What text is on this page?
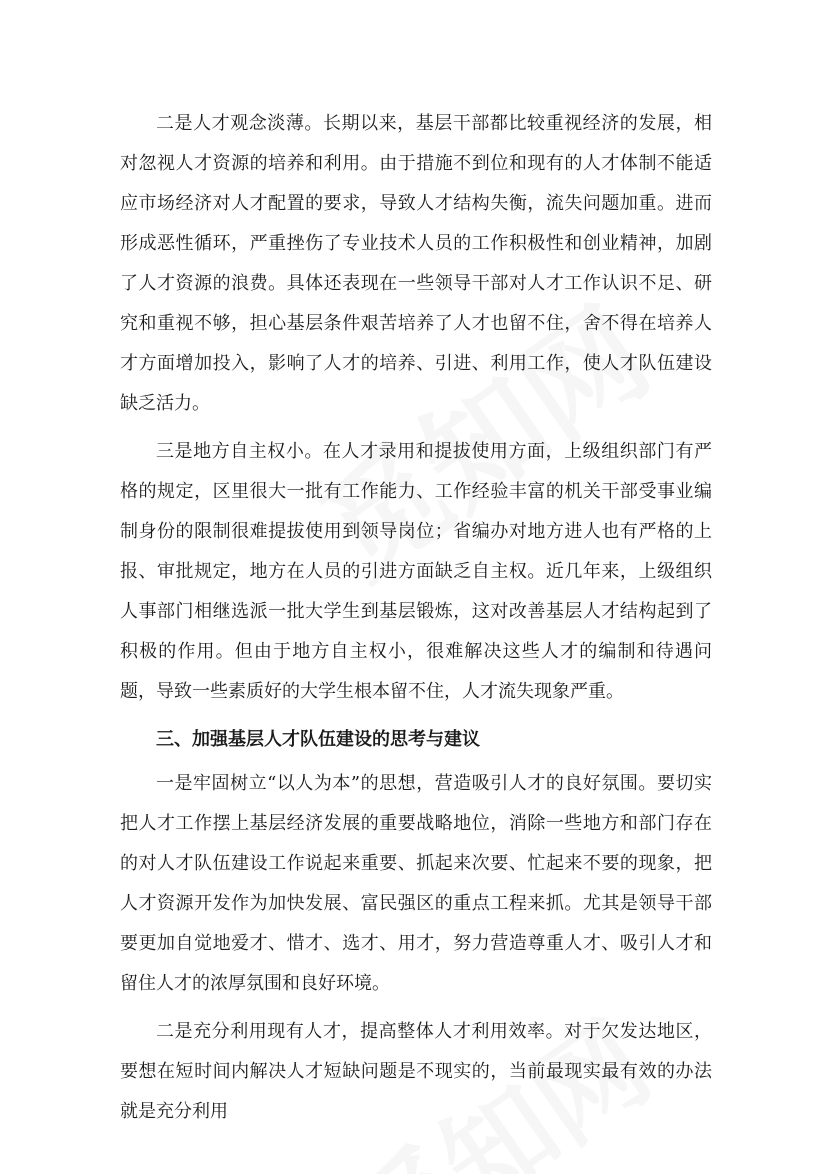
二是人才观念淡薄。长期以来，基层干部都比较重视经济的发展，相对忽视人才资源的培养和利用。由于措施不到位和现有的人才体制不能适应市场经济对人才配置的要求，导致人才结构失衡，流失问题加重。进而形成恶性循环，严重挫伤了专业技术人员的工作积极性和创业精神，加剧了人才资源的浪费。具体还表现在一些领导干部对人才工作认识不足、研究和重视不够，担心基层条件艰苦培养了人才也留不住，舍不得在培养人才方面增加投入，影响了人才的培养、引进、利用工作，使人才队伍建设缺乏活力。

三是地方自主权小。在人才录用和提拔使用方面，上级组织部门有严格的规定，区里很大一批有工作能力、工作经验丰富的机关干部受事业编制身份的限制很难提拔使用到领导岗位；省编办对地方进人也有严格的上报、审批规定，地方在人员的引进方面缺乏自主权。近几年来，上级组织人事部门相继选派一批大学生到基层锻炼，这对改善基层人才结构起到了积极的作用。但由于地方自主权小，很难解决这些人才的编制和待遇问题，导致一些素质好的大学生根本留不住，人才流失现象严重。

三、加强基层人才队伍建设的思考与建议

一是牢固树立“以人为本”的思想，营造吸引人才的良好氛围。要切实把人才工作摆上基层经济发展的重要战略地位，消除一些地方和部门存在的对人才队伍建设工作说起来重要、抓起来次要、忙起来不要的现象，把人才资源开发作为加快发展、富民强区的重点工程来抓。尤其是领导干部要更加自觉地爱才、惜才、选才、用才，努力营造尊重人才、吸引人才和留住人才的浓厚氛围和良好环境。

二是充分利用现有人才，提高整体人才利用效率。对于欠发达地区，要想在短时间内解决人才短缺问题是不现实的，当前最现实最有效的办法就是充分利用
